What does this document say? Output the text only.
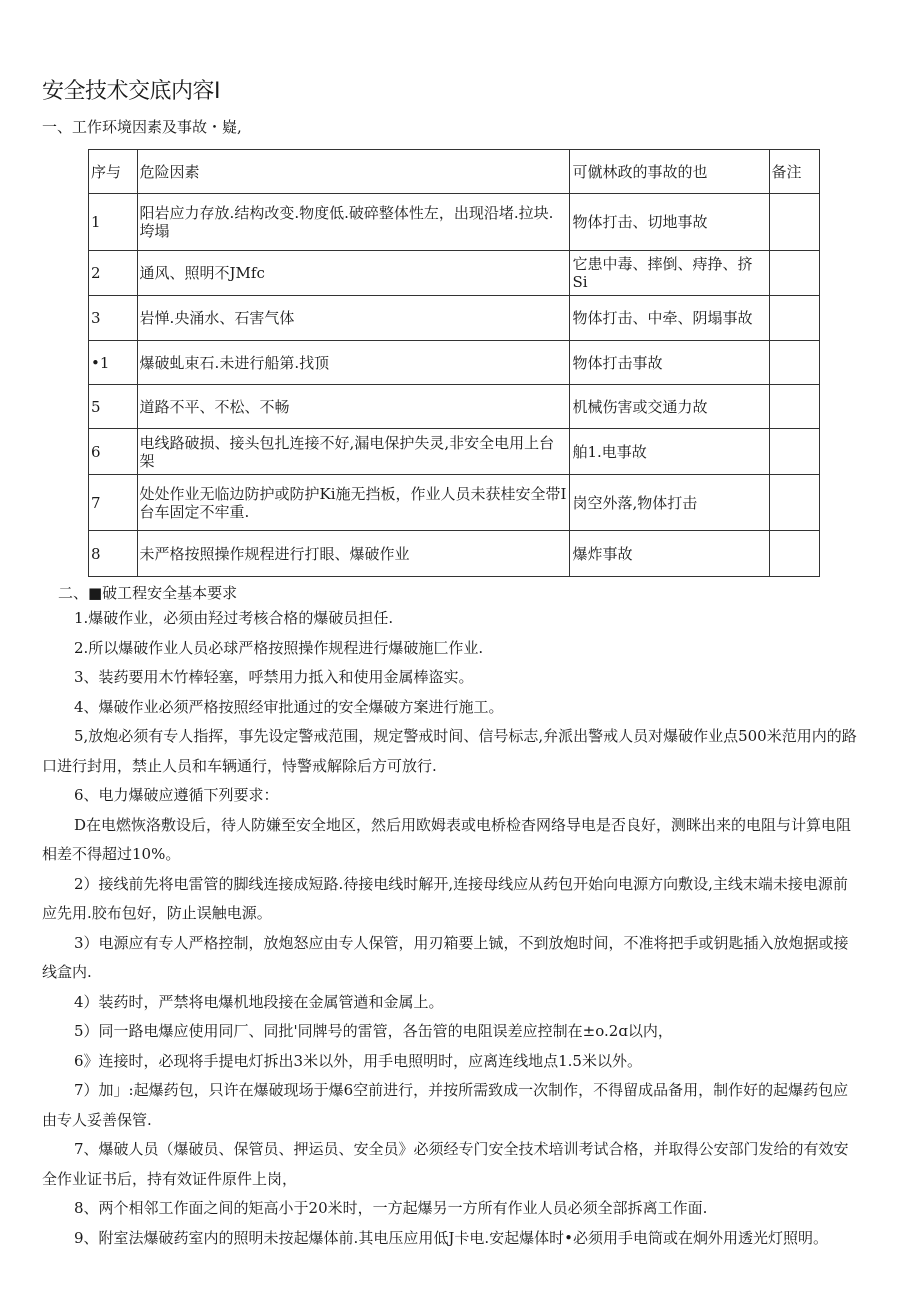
安全技术交底内容I
一、工作环境因素及事故・嶷,
序与	危险因素	可僦林政的事故的也	备注
1	阳岩应力存放.结构改变.物度低.破碎整体性左，出现沿堵.拉块.垮塌	物体打击、切地事故	
2	通风、照明不JMfc	它患中毒、摔倒、痔挣、挤Si	
3	岩惮.央涌水、石害气体	物体打击、中牵、阴塌事故	
•1	爆破虬束石.未进行船第.找顶	物体打击事故	
5	道路不平、不松、不畅	机械伤害或交通力故	
6	电线路破损、接头包扎连接不好,漏电保护失灵,非安全电用上台架	舶1.电事故	
7	处处作业无临边防护或防护Ki施无挡板，作业人员未获桂安全带I台车固定不牢重.	岗空外落,物体打击	
8	未严格按照操作规程进行打眼、爆破作业	爆炸事故	
二、■破工程安全基本要求

1.爆破作业，必须由羟过考核合格的爆破员担任.

2.所以爆破作业人员必球严格按照操作规程进行爆破施匚作业.

3、装药要用木竹棒轻塞，呼禁用力抵入和使用金属棒盗实。

4、爆破作业必须严格按照经审批通过的安全爆破方案进行施工。

5,放炮必须有专人指挥，事先设定警戒范围，规定警戒时间、信号标志,弁派出警戒人员对爆破作业点500米范用内的路口进行封用，禁止人员和车辆通行，恃警戒解除后方可放行.

6、电力爆破应遵循下列要求：

D在电燃恢洛敷设后，待人防嫌至安全地区，然后用欧姆表或电桥检杳网络导电是否良好，测眯出来的电阻与计算电阻相差不得超过10%。

2）接线前先将电雷管的脚线连接成短路.待接电线时解开,连接母线应从药包开始向电源方向敷设,主线末端未接电源前应先用.胶布包好，防止误触电源。

3）电源应有专人严格控制，放炮怒应由专人保管，用刃箱要上铖，不到放炮时间，不准将把手或钥匙插入放炮据或接线盒内.

4）装药时，严禁将电爆机地段接在金属管遒和金属上。

5）同一路电爆应使用同厂、同批'同牌号的雷管，各缶管的电阻误差应控制在±o.2ɑ以内，

6》连接时，必现将手提电灯拆出3米以外，用手电照明时，应离连线地点1.5米以外。

7）加」:起爆药包，只许在爆破现场于爆6空前进行，并按所需致成一次制作，不得留成品备用，制作好的起爆药包应由专人妥善保管.

7、爆破人员（爆破员、保管员、押运员、安全员》必须经专门安全技术培训考试合格，并取得公安部门发给的有效安全作业证书后，持有效证件原件上岗，

8、两个相邻工作面之间的矩高小于20米时，一方起爆另一方所有作业人员必须全部拆离工作面.

9、附室法爆破药室内的照明未按起爆体前.其电压应用低J卡电.安起爆体时•必须用手电筒或在炯外用透光灯照明。
